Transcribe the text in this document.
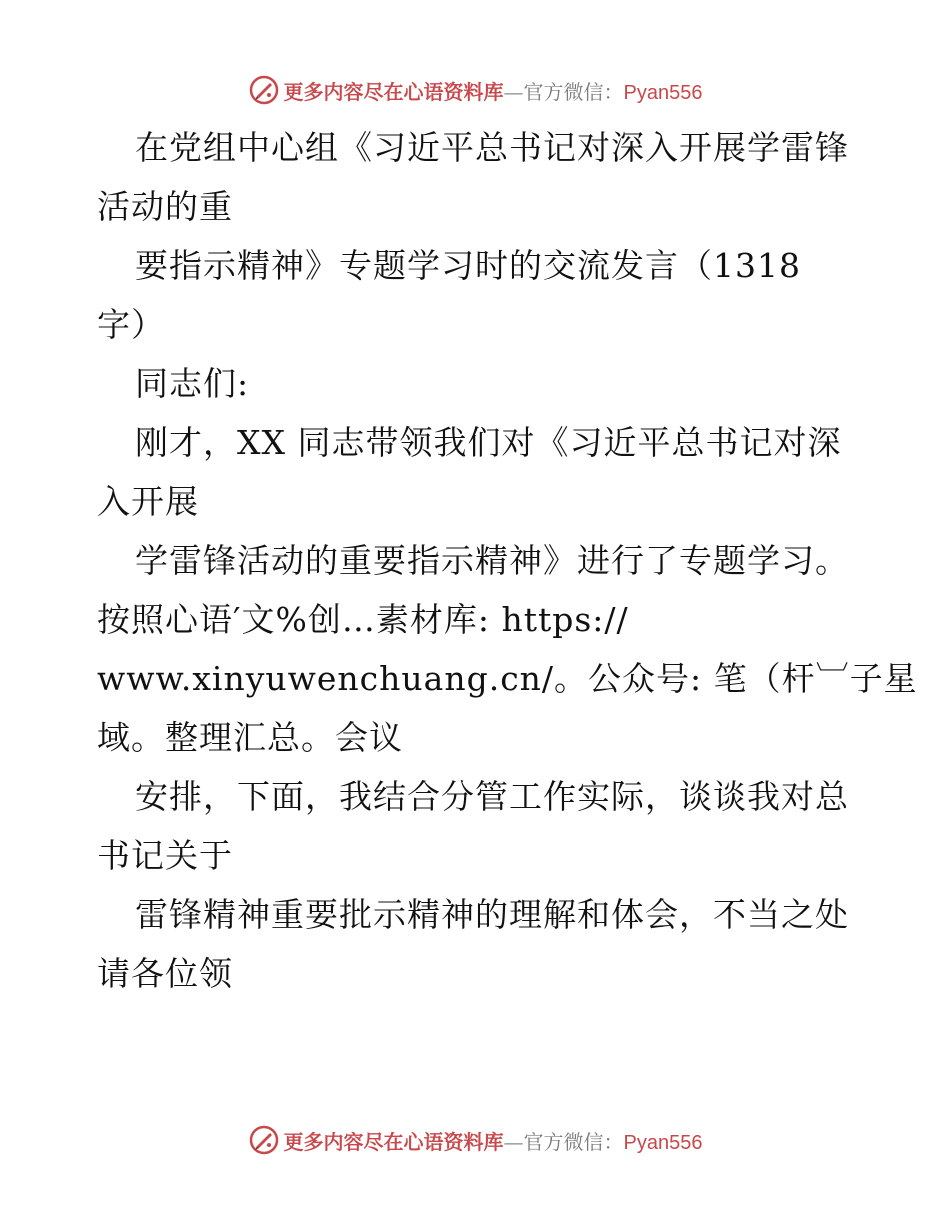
更多内容尽在心语资料库—官方微信：Pyan556
在党组中心组《习近平总书记对深入开展学雷锋
活动的重
要指示精神》专题学习时的交流发言（1318
字）
同志们:
刚才，XX 同志带领我们对《习近平总书记对深
入开展
学雷锋活动的重要指示精神》进行了专题学习。
按照心语′文%创…素材库: https://
www.xinyuwenchuang.cn/。公众号: 笔（杆︺子星
域。整理汇总。会议
安排，下面，我结合分管工作实际，谈谈我对总
书记关于
雷锋精神重要批示精神的理解和体会，不当之处
请各位领
更多内容尽在心语资料库—官方微信：Pyan556
